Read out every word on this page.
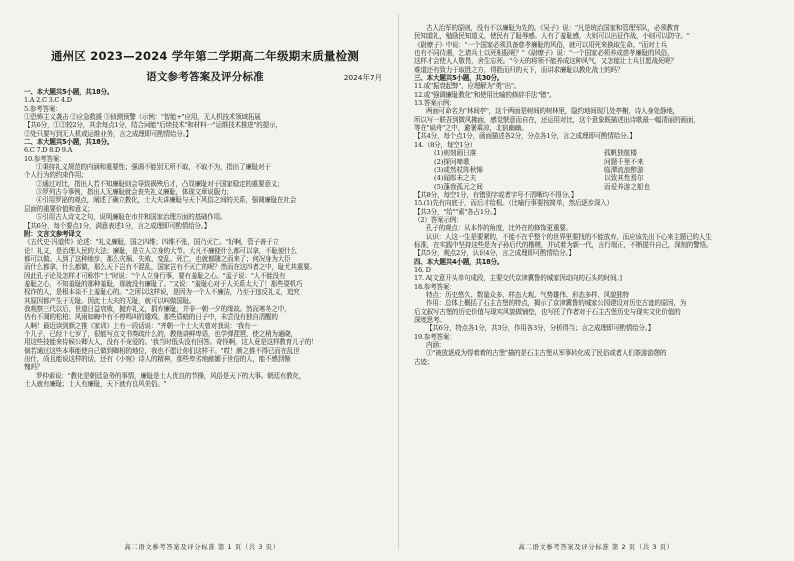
通州区 2023—2024 学年第二学期高二年级期末质量检测
语文参考答案及评分标准	2024年7月
一、本大题共5小题，共18分。
1.A 2.C 3.C 4.D
5.参考答案：
①恐怖主义袭击 ②应急救援 ③侦测预警（示例："智能+"应用，无人机技术领域拓展
【共6分，①②较2分，其余每点1分，结合词能"后续技术"和材料一"运维技术推进"的提示，
②处只要写到无人机或运维业务，言之成理即可酌情给分。】
二、本大题共5小题，共18分。
6.C 7.D 8.D 9.A
10.参考答案：
①秉持礼义规范的内涵和重要性；强调不能别无所不取，不取不为，指出了廉耻对于
个人行为的约束作用；
②通过对比，指出人若不知廉耻则会导致祸殃后才，凸显廉耻对于国家稳定的重要意义；
③罗列古今事例，指出人无廉耻就会丧失礼义廉耻，体现文章说服力；
④引用罗泌的观点，阐述了确立教化，士大夫讲廉耻与天下风俗之间的关系，强调廉耻在社会
层面的重要价值和意义；
⑤引用古人诗文之句，说明廉耻在市井和国家治理方面的基础作用。
【共6分，每个要点1分，满意表述1分，言之成理即可酌情给分。】
附：文言文参考译文
《五代史·冯道传》论述："礼义廉耻，国之四维；四维不张，国乃灭亡。"好啊，管子善于立
论！礼义，是治理人民的大法；廉耻，是立人立身的大节。大凡不廉便什么都可以拿，不耻便什么
都可以做。人到了这种地步，那么灾祸、失败、变乱、死亡，也就都随之而来了；何况身为大臣
而什么都拿，什么都做，那么天下岂有不混乱，国家岂有不灭亡的呢？然而在这四者之中，耻尤其重要。
因此孔子论及怎样才可称作"士"时说："个人立身行事，要有羞耻之心。"孟子说："人不能没有
羞耻之心，不知羞耻的那种羞耻，那就没有廉耻了。"又说："羞耻心对于人关系太大了！那些耍机巧
权诈的人，是根本谈不上羞耻心的。"之所以这样说，是因为一个人不廉洁，乃至于违反礼义，追究
其原因都产生于无耻。因此士大夫的无耻，就可以叫做国耻。
我观察三代以后，世道日益衰败，抛弃礼义，捐弃廉耻，并非一朝一夕的缘故。然而寒冬之中，
仍有不凋的松柏；风雨如晦中有不停鸣叫的雄鸡。那些昏暗的日子中，未尝没有独自清醒的
人啊！最近读到颜之推《家训》上有一段话说："齐朝一个士大夫曾对我说：'我有一
个儿子，已经十七岁了，很能写点文书奏疏什么的，教他讲鲜卑语，也学弹琵琶，使之稍为通晓，
用这些技能来侍候公卿大人，没有不宠爱的。'我当时低头没有回答。奇怪啊，这人竟是这样教育儿子的！
倘若通过这些本事能使自己做到卿相的地位，我也不愿让你们这样干。"哎！颜之推不得已而在乱世
出仕，尚且能说这样的话，还有《小宛》诗人的精神，那些卑劣地献媚于世俗的人，能不感到惭
愧吗？
罗仲素说："教化是朝廷急务的事情，廉耻是士人优良的节操，风俗是天下的大事。朝廷有教化，
士人就有廉耻；士人有廉耻，天下就有良风美俗。"
高二语文参考答案及评分标准 第 1 页（共 3 页）
古人治军的原则，没有不以廉耻为先的。《吴子》说："凡是统治国家和管理军队，必须教育
民知道礼，勉励民知道义，使民有了耻辱感。人有了羞耻感，大则可以出征作战，小则可以防守。"
《尉缭子》中说："一个国家必须具备慈孝廉耻的风俗，就可以用死来换取生命。"而对士兵
也有不同待遇，乞请兵士以死相报呢？"《尉缭子》说："一个国家必须养成慈孝廉耻的风俗，
这样才会使人人敬畏，舍生忘死。"今天的将领不能养成这种风气，又怎能让士兵甘愿战死呢？
难道还有致力于取胜之方，得胜而归的天下，而讲求廉耻以教化战士的吗？
三、本大题共5小题，共30分。
11.或"振衰起弊"，应理解为"勇"出"。
12.或"强调廉耻教化"和使用比喻的修辞手法"错"。
13.答案示例：
两面可命名为"林间亭"，这个两面是树间的树林里，隐约地间现几处亭榭，诗人身处静地，
所以写一联吾到微风拂面，感觉惬意而自在，还运用对比，这个意象既描述出诗歌最一幅清丽的画面，
等在"扁舟"之中，避暑乘凉，北宿幽幽。
【共4分，每个点1分，画面描述各2分，分点各1分，言之成理即可酌情给分。】
14.（8分，每空1分）
(1)则刻画日落	孤帆独航楼
(2)探问啼歌	问题千里不来
(3)或然杖阵秋锦	临潭流浪醉游
(4)闻郎未之夫	以致其性焉尔
(5)蓬我孤元之间	而爱养游之船也
【共8分，每空1分，有错别字或者字号不清晰均不得分。】
15.(1)先有向底于，而后才给根。（比喻行事要按简单，然后逐步深入）
【共3分，"给""素"各占1分。】
（2）答案示例：
孔子的观点：从本作的角度，比外在的修饰更重要。
认识：人这一生是要紧的，不能不在乎整个的世界里要找的不能放弃，而应该先出下心来主题已的人生
标准，在实践中坚持这些是为子孙后代的楷模，并试着为新一代，言行端正，不断提升自己，深刻的警悟。
【共5分，观点2分，认识4分，言之成理即可酌情给分。】
四、本大题共4小题，共18分。
16. D
17. A[文意开头单句成段，主要交代京津冀鲁的城家因动向的石头的时间。]
18.参考答案：
特点：历史悠久、数量众多、样态大观、气势雄伟、形态多样、风貌独特
作用：总体上概括了石主古堡的特点，揭示了京津冀鲁的城家公园建设对历史古迹的原因，为
后文叙写古堡的历史价值与现实风貌做铺垫，也写托了作者对于石主古堡历史与现实文化价值的
深度思考。
【共6分，特点各1分，共3分，作用各3分，分析得当；言之成理即可酌情给分。】
19.参考答案：
内涵：
①"被放逐成为得着着的古堡"描的是石主古堡从军事转化成了民俗或者人们茶游游憩的
古迹；
高二语文参考答案及评分标准 第 2 页（共 3 页）
